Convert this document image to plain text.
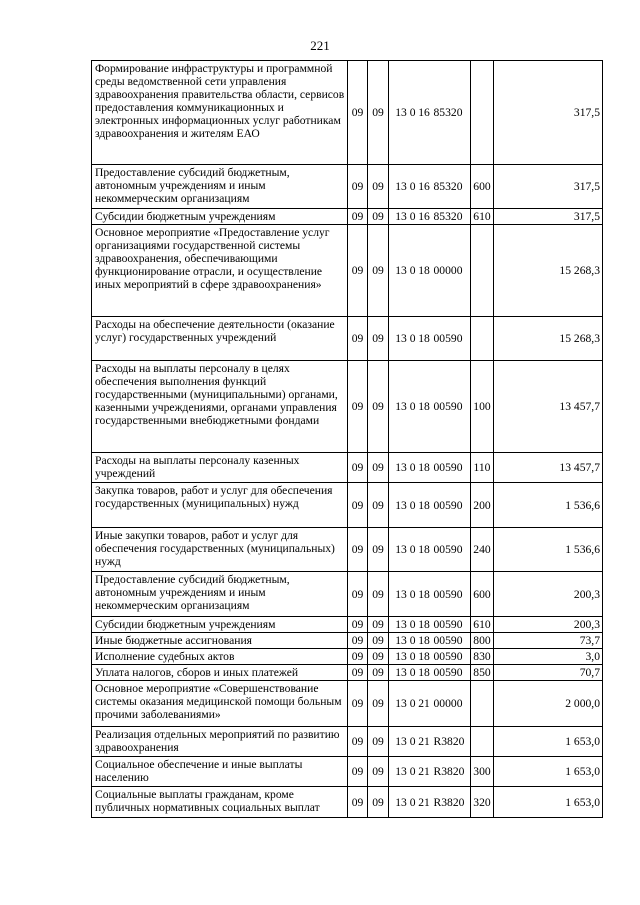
221
Формирование инфраструктуры и программной среды ведомственной сети управления здравоохранения правительства области, сервисов предоставления коммуникационных и электронных информационных услуг работникам здравоохранения и жителям ЕАО	09	09	13 0	16	85320		317,5
Предоставление субсидий бюджетным, автономным учреждениям и иным некоммерческим организациям	09	09	13 0	16	85320	600	317,5
Субсидии бюджетным учреждениям	09	09	13 0	16	85320	610	317,5
Основное мероприятие «Предоставление услуг организациями государственной системы здравоохранения, обеспечивающими функционирование отрасли, и осуществление иных мероприятий в сфере здравоохранения»	09	09	13 0	18	00000		15 268,3
Расходы на обеспечение деятельности (оказание услуг) государственных учреждений	09	09	13 0	18	00590		15 268,3
Расходы на выплаты персоналу в целях обеспечения выполнения функций государственными (муниципальными) органами, казенными учреждениями, органами управления государственными внебюджетными фондами	09	09	13 0	18	00590	100	13 457,7
Расходы на выплаты персоналу казенных учреждений	09	09	13 0	18	00590	110	13 457,7
Закупка товаров, работ и услуг для обеспечения государственных (муниципальных) нужд	09	09	13 0	18	00590	200	1 536,6
Иные закупки товаров, работ и услуг для обеспечения государственных (муниципальных) нужд	09	09	13 0	18	00590	240	1 536,6
Предоставление субсидий бюджетным, автономным учреждениям и иным некоммерческим организациям	09	09	13 0	18	00590	600	200,3
Субсидии бюджетным учреждениям	09	09	13 0	18	00590	610	200,3
Иные бюджетные ассигнования	09	09	13 0	18	00590	800	73,7
Исполнение судебных актов	09	09	13 0	18	00590	830	3,0
Уплата налогов, сборов и иных платежей	09	09	13 0	18	00590	850	70,7
Основное мероприятие «Совершенствование системы оказания медицинской помощи больным прочими заболеваниями»	09	09	13 0	21	00000		2 000,0
Реализация отдельных мероприятий по развитию здравоохранения	09	09	13 0	21	R3820		1 653,0
Социальное обеспечение и иные выплаты населению	09	09	13 0	21	R3820	300	1 653,0
Социальные выплаты гражданам, кроме публичных нормативных социальных выплат	09	09	13 0	21	R3820	320	1 653,0
